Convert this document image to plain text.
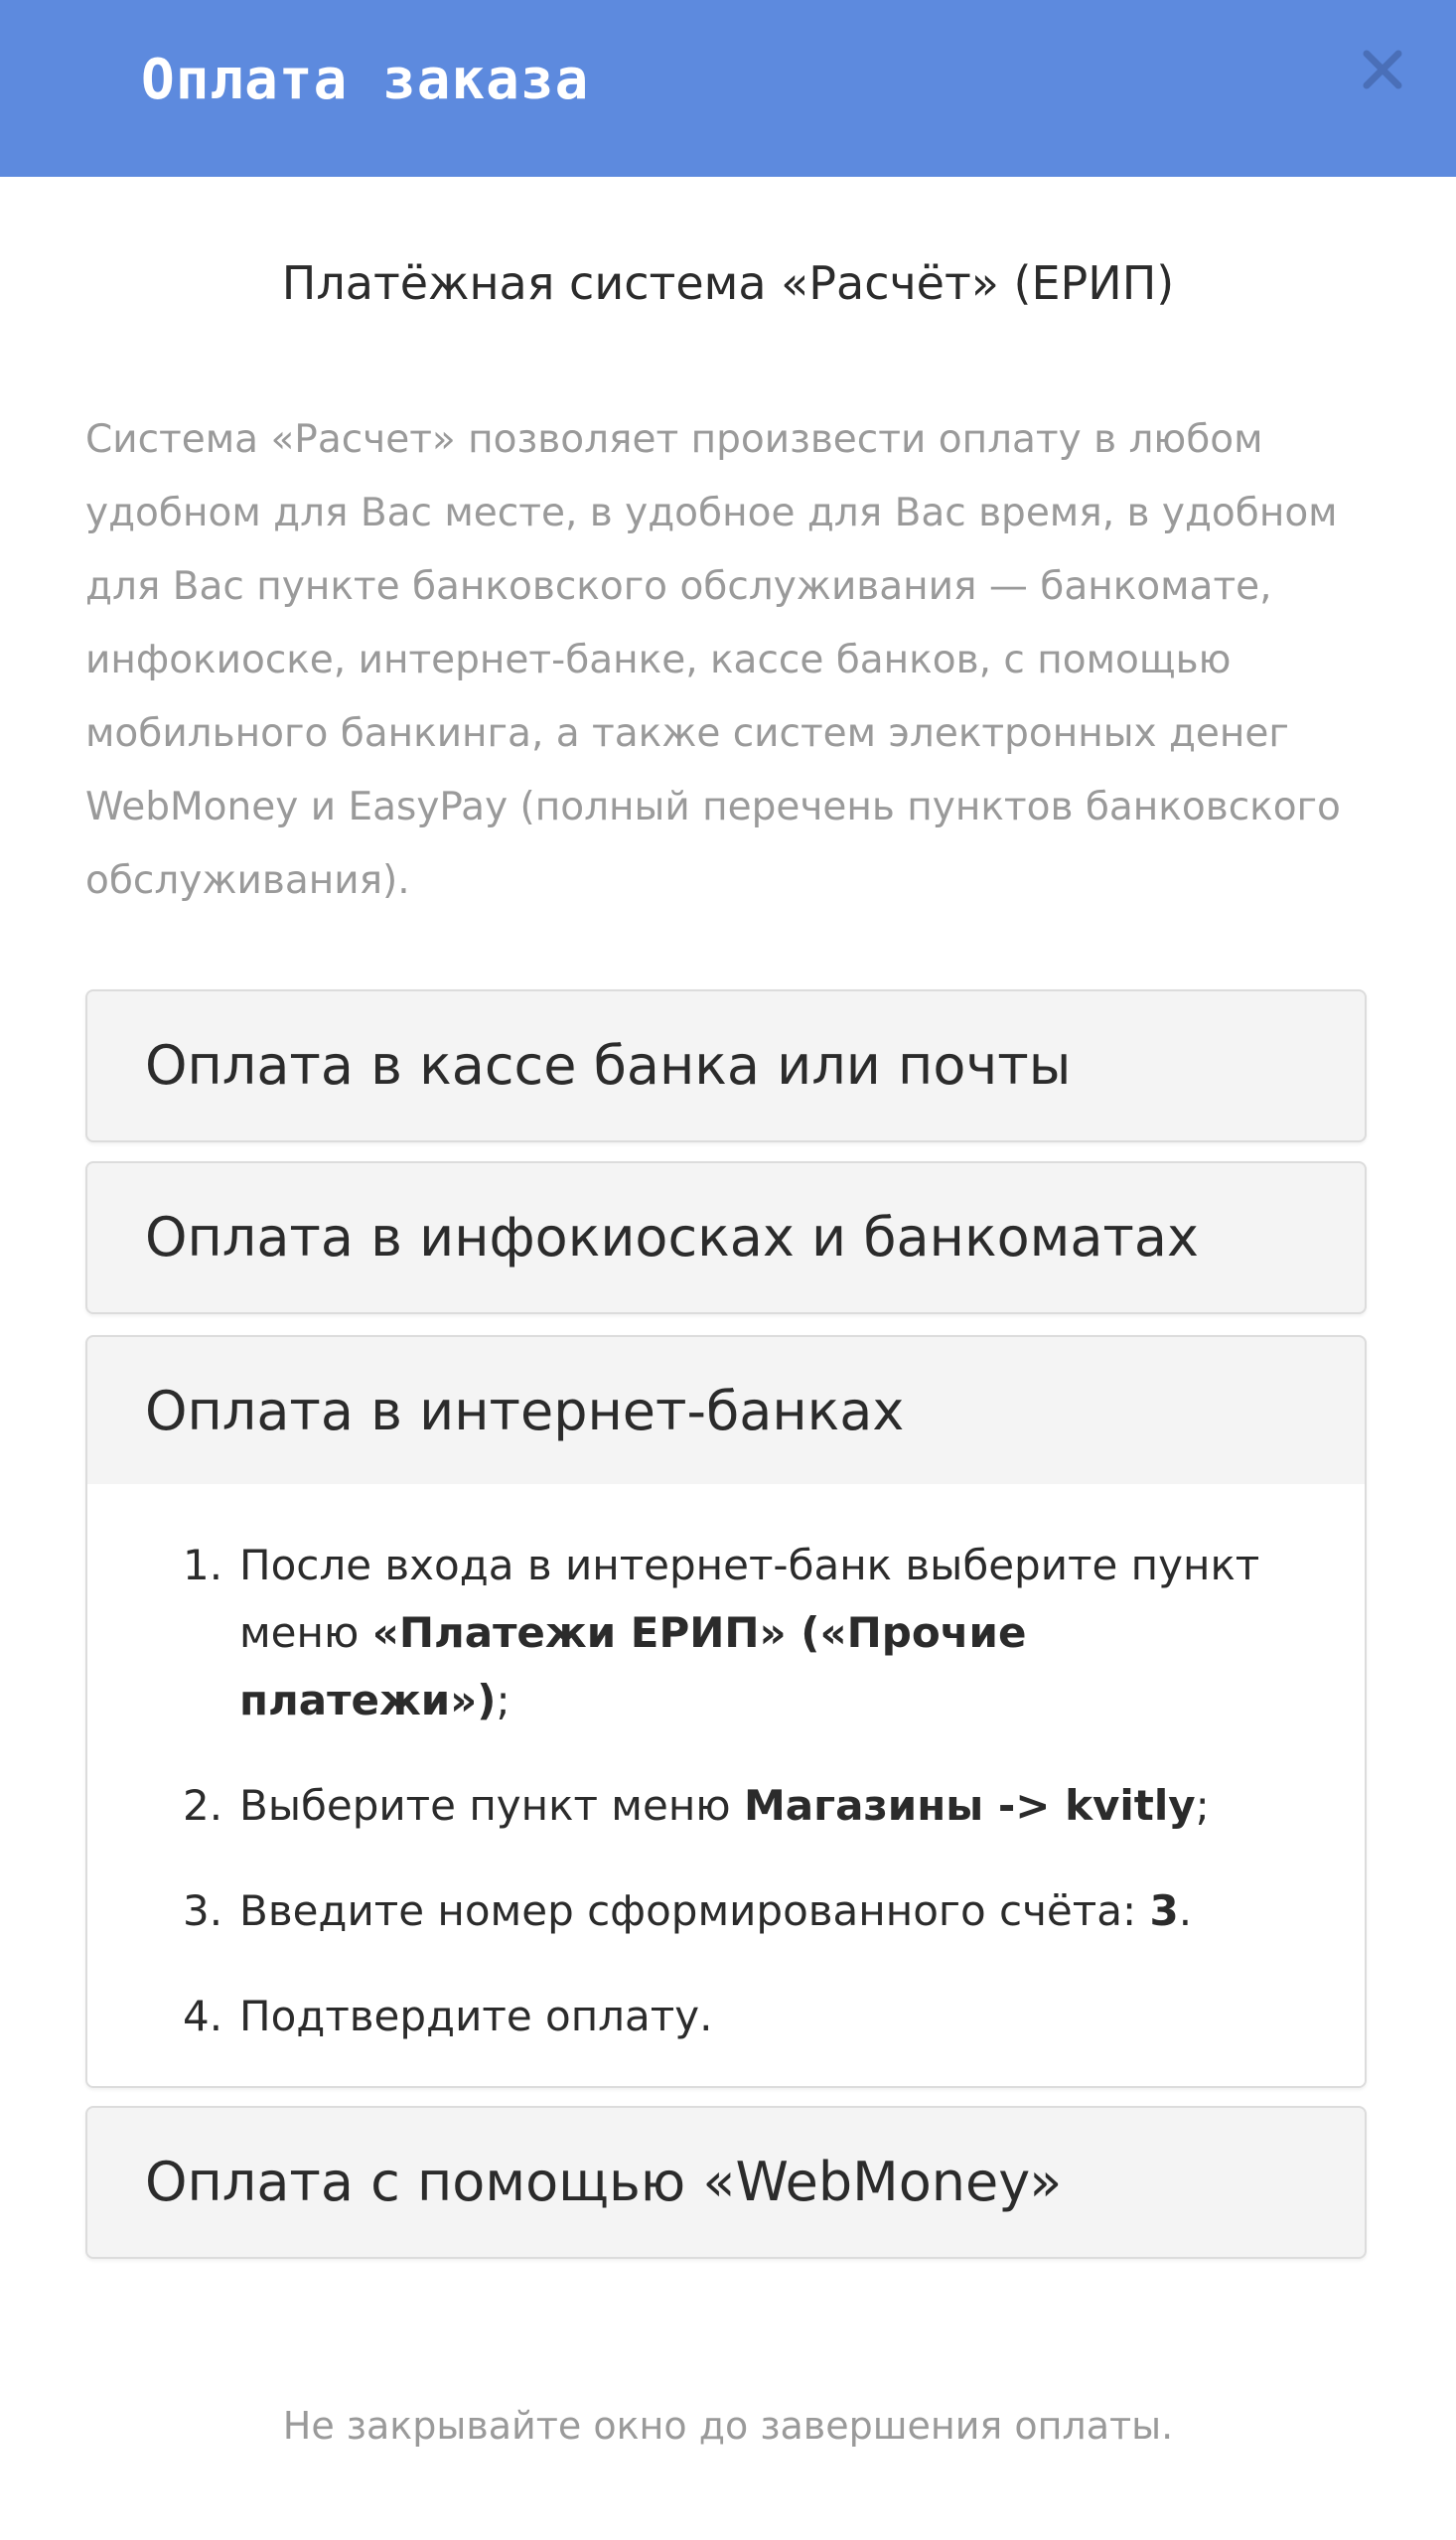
Оплата заказа
Платёжная система «Расчёт» (ЕРИП)
Система «Расчет» позволяет произвести оплату в любом удобном для Вас месте, в удобное для Вас время, в удобном для Вас пункте банковского обслуживания — банкомате, инфокиоске, интернет-банке, кассе банков, с помощью мобильного банкинга, а также систем электронных денег WebMoney и EasyPay (полный перечень пунктов банковского обслуживания).
Оплата в кассе банка или почты
Оплата в инфокиосках и банкоматах
Оплата в интернет-банках
1. После входа в интернет-банк выберите пункт меню «Платежи ЕРИП» («Прочие платежи»);
2. Выберите пункт меню Магазины -> kvitly;
3. Введите номер сформированного счёта: 3.
4. Подтвердите оплату.
Оплата с помощью «WebMoney»
Не закрывайте окно до завершения оплаты.
